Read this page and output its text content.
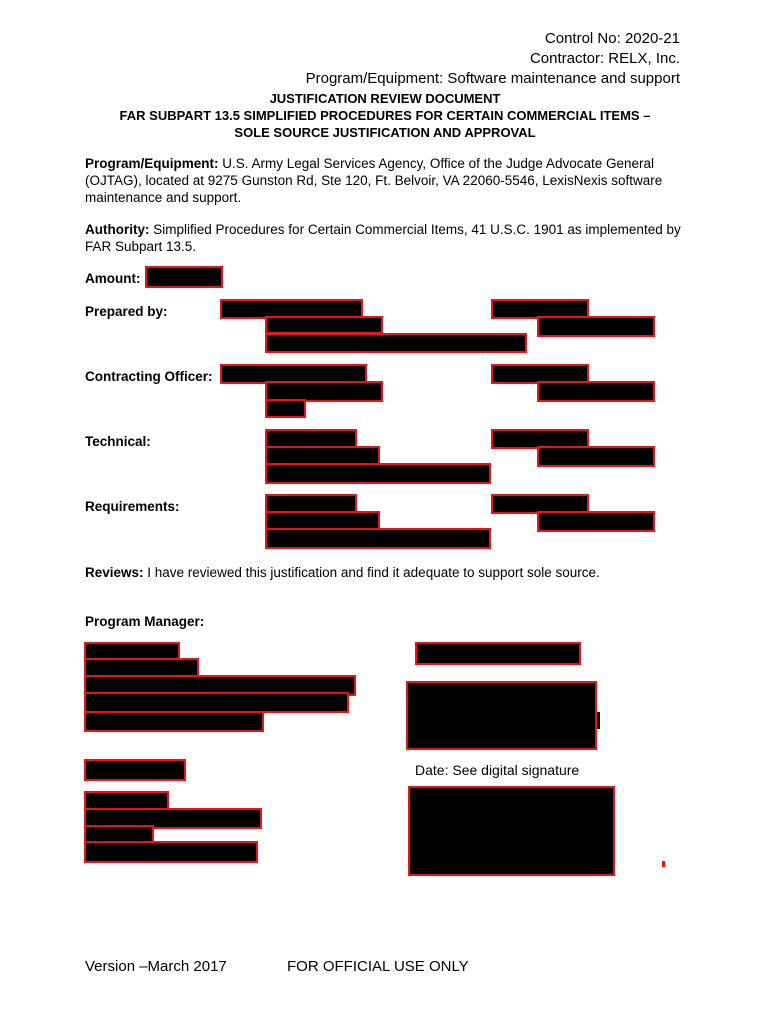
Control No: 2020-21
Contractor: RELX, Inc.
Program/Equipment: Software maintenance and support
JUSTIFICATION REVIEW DOCUMENT
FAR SUBPART 13.5 SIMPLIFIED PROCEDURES FOR CERTAIN COMMERCIAL ITEMS –
SOLE SOURCE JUSTIFICATION AND APPROVAL
Program/Equipment: U.S. Army Legal Services Agency, Office of the Judge Advocate General (OJTAG), located at 9275 Gunston Rd, Ste 120, Ft. Belvoir, VA 22060-5546, LexisNexis software maintenance and support.
Authority: Simplified Procedures for Certain Commercial Items, 41 U.S.C. 1901 as implemented by FAR Subpart 13.5.
Amount:
Prepared by:
Contracting Officer:
Technical:
Requirements:
Reviews: I have reviewed this justification and find it adequate to support sole source.
Program Manager:
Date: See digital signature
Version –March 2017	FOR OFFICIAL USE ONLY
